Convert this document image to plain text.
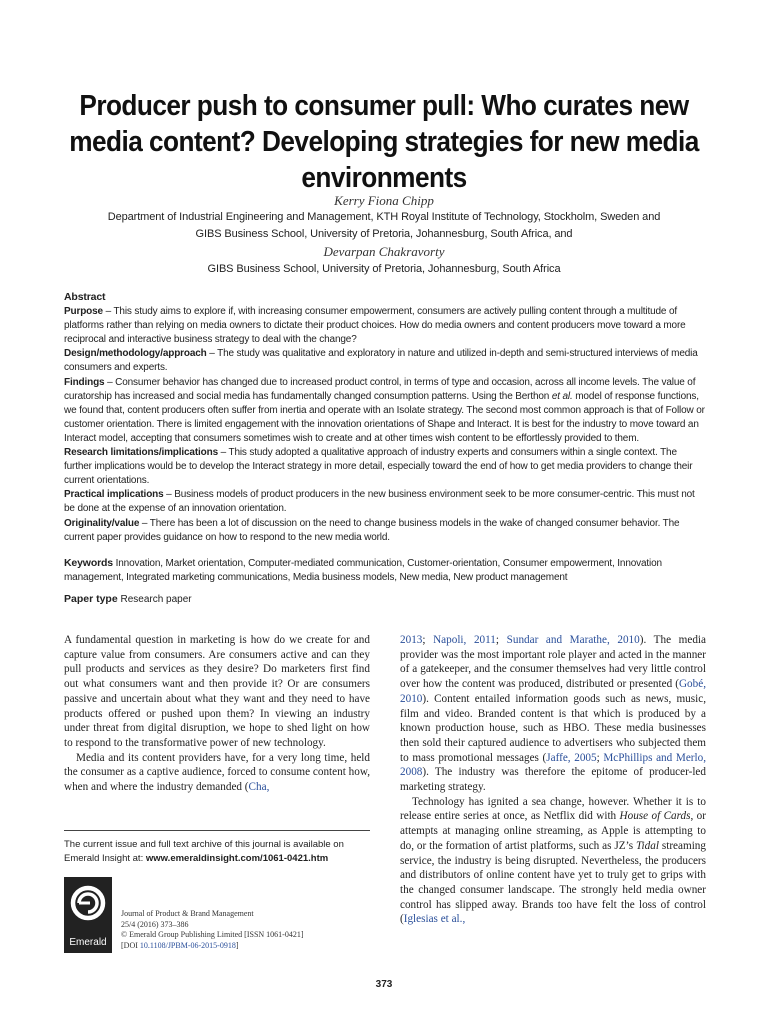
Producer push to consumer pull: Who curates new media content? Developing strategies for new media environments
Kerry Fiona Chipp
Department of Industrial Engineering and Management, KTH Royal Institute of Technology, Stockholm, Sweden and
GIBS Business School, University of Pretoria, Johannesburg, South Africa, and
Devarpan Chakravorty
GIBS Business School, University of Pretoria, Johannesburg, South Africa

Abstract

Purpose – This study aims to explore if, with increasing consumer empowerment, consumers are actively pulling content through a multitude of platforms rather than relying on media owners to dictate their product choices. How do media owners and content producers move toward a more reciprocal and interactive business strategy to deal with the change?

Design/methodology/approach – The study was qualitative and exploratory in nature and utilized in-depth and semi-structured interviews of media consumers and experts.

Findings – Consumer behavior has changed due to increased product control, in terms of type and occasion, across all income levels. The value of curatorship has increased and social media has fundamentally changed consumption patterns. Using the Berthon et al. model of response functions, we found that, content producers often suffer from inertia and operate with an Isolate strategy. The second most common approach is that of Follow or customer orientation. There is limited engagement with the innovation orientations of Shape and Interact. It is best for the industry to move toward an Interact model, accepting that consumers sometimes wish to create and at other times wish content to be effortlessly provided to them.

Research limitations/implications – This study adopted a qualitative approach of industry experts and consumers within a single context. The further implications would be to develop the Interact strategy in more detail, especially toward the end of how to get media providers to change their current orientations.

Practical implications – Business models of product producers in the new business environment seek to be more consumer-centric. This must not be done at the expense of an innovation orientation.

Originality/value – There has been a lot of discussion on the need to change business models in the wake of changed consumer behavior. The current paper provides guidance on how to respond to the new media world.

Keywords Innovation, Market orientation, Computer-mediated communication, Customer-orientation, Consumer empowerment, Innovation management, Integrated marketing communications, Media business models, New media, New product management
Paper type Research paper

A fundamental question in marketing is how do we create for and capture value from consumers. Are consumers active and can they pull products and services as they desire? Do marketers first find out what consumers want and then provide it? Or are consumers passive and uncertain about what they want and they need to have products offered or pushed upon them? In viewing an industry under threat from digital disruption, we hope to shed light on how to respond to the transformative power of new technology.

Media and its content providers have, for a very long time, held the consumer as a captive audience, forced to consume content how, when and where the industry demanded (Cha,

2013; Napoli, 2011; Sundar and Marathe, 2010). The media provider was the most important role player and acted in the manner of a gatekeeper, and the consumer themselves had very little control over how the content was produced, distributed or presented (Gobé, 2010). Content entailed information goods such as news, music, film and video. Branded content is that which is produced by a known production house, such as HBO. These media businesses then sold their captured audience to advertisers who subjected them to mass promotional messages (Jaffe, 2005; McPhillips and Merlo, 2008). The industry was therefore the epitome of producer-led marketing strategy.

Technology has ignited a sea change, however. Whether it is to release entire series at once, as Netflix did with House of Cards, or attempts at managing online streaming, as Apple is attempting to do, or the formation of artist platforms, such as JZ’s Tidal streaming service, the industry is being disrupted. Nevertheless, the producers and distributors of online content have yet to truly get to grips with the changed consumer landscape. The strongly held media owner control has slipped away. Brands too have felt the loss of control (Iglesias et al.,

The current issue and full text archive of this journal is available on Emerald Insight at: www.emeraldinsight.com/1061-0421.htm
Emerald
Journal of Product & Brand Management
25/4 (2016) 373–386
© Emerald Group Publishing Limited [ISSN 1061-0421]
[DOI 10.1108/JPBM-06-2015-0918]
373
